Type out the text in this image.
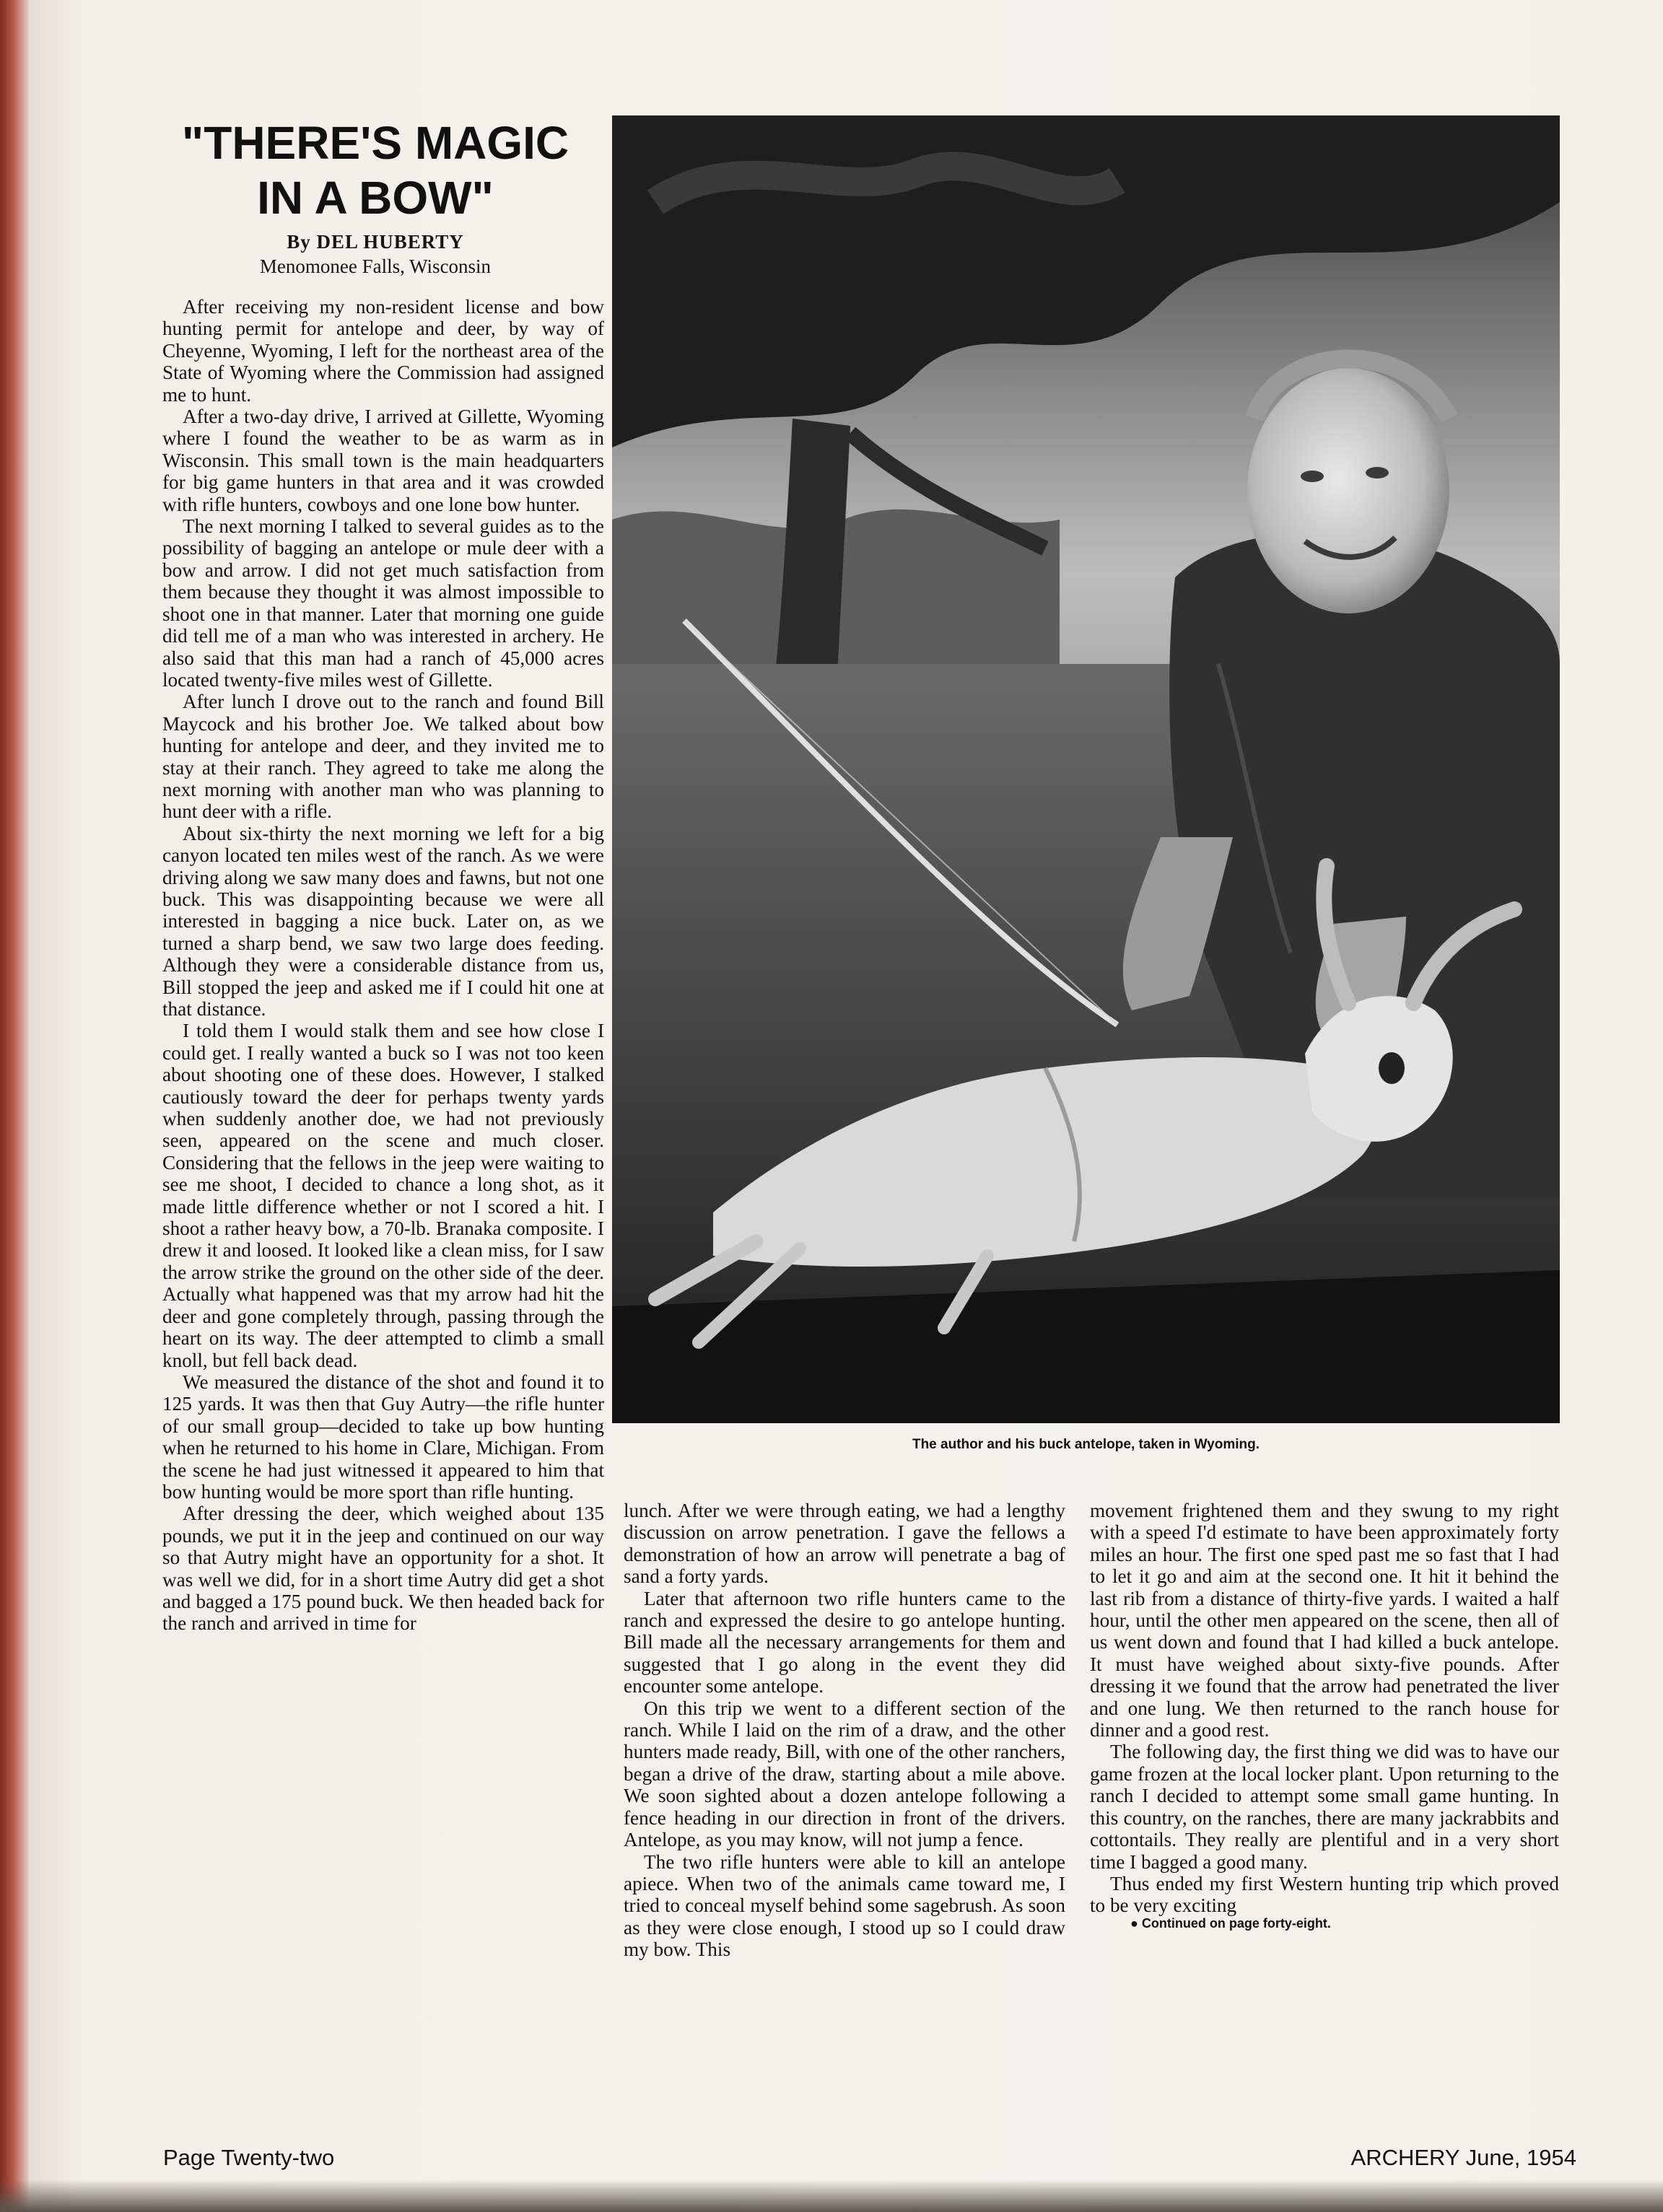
"THERE'S MAGIC
IN A BOW"
By DEL HUBERTY
Menomonee Falls, Wisconsin

After receiving my non-resident license and bow hunting permit for antelope and deer, by way of Cheyenne, Wyoming, I left for the northeast area of the State of Wyoming where the Commission had assigned me to hunt.

After a two-day drive, I arrived at Gillette, Wyoming where I found the weather to be as warm as in Wisconsin. This small town is the main headquarters for big game hunters in that area and it was crowded with rifle hunters, cowboys and one lone bow hunter.

The next morning I talked to several guides as to the possibility of bagging an antelope or mule deer with a bow and arrow. I did not get much satisfaction from them because they thought it was almost impossible to shoot one in that manner. Later that morning one guide did tell me of a man who was interested in archery. He also said that this man had a ranch of 45,000 acres located twenty-five miles west of Gillette.

After lunch I drove out to the ranch and found Bill Maycock and his brother Joe. We talked about bow hunting for antelope and deer, and they invited me to stay at their ranch. They agreed to take me along the next morning with another man who was planning to hunt deer with a rifle.

About six-thirty the next morning we left for a big canyon located ten miles west of the ranch. As we were driving along we saw many does and fawns, but not one buck. This was disappointing because we were all interested in bagging a nice buck. Later on, as we turned a sharp bend, we saw two large does feeding. Although they were a considerable distance from us, Bill stopped the jeep and asked me if I could hit one at that distance.

I told them I would stalk them and see how close I could get. I really wanted a buck so I was not too keen about shooting one of these does. However, I stalked cautiously toward the deer for perhaps twenty yards when suddenly another doe, we had not previously seen, appeared on the scene and much closer. Considering that the fellows in the jeep were waiting to see me shoot, I decided to chance a long shot, as it made little difference whether or not I scored a hit. I shoot a rather heavy bow, a 70-lb. Branaka composite. I drew it and loosed. It looked like a clean miss, for I saw the arrow strike the ground on the other side of the deer. Actually what happened was that my arrow had hit the deer and gone completely through, passing through the heart on its way. The deer attempted to climb a small knoll, but fell back dead.

We measured the distance of the shot and found it to 125 yards. It was then that Guy Autry—the rifle hunter of our small group—decided to take up bow hunting when he returned to his home in Clare, Michigan. From the scene he had just witnessed it appeared to him that bow hunting would be more sport than rifle hunting.

After dressing the deer, which weighed about 135 pounds, we put it in the jeep and continued on our way so that Autry might have an opportunity for a shot. It was well we did, for in a short time Autry did get a shot and bagged a 175 pound buck. We then headed back for the ranch and arrived in time for

The author and his buck antelope, taken in Wyoming.

lunch. After we were through eating, we had a lengthy discussion on arrow penetration. I gave the fellows a demonstration of how an arrow will penetrate a bag of sand a forty yards.

Later that afternoon two rifle hunters came to the ranch and expressed the desire to go antelope hunting. Bill made all the necessary arrangements for them and suggested that I go along in the event they did encounter some antelope.

On this trip we went to a different section of the ranch. While I laid on the rim of a draw, and the other hunters made ready, Bill, with one of the other ranchers, began a drive of the draw, starting about a mile above. We soon sighted about a dozen antelope following a fence heading in our direction in front of the drivers. Antelope, as you may know, will not jump a fence.

The two rifle hunters were able to kill an antelope apiece. When two of the animals came toward me, I tried to conceal myself behind some sagebrush. As soon as they were close enough, I stood up so I could draw my bow. This

movement frightened them and they swung to my right with a speed I'd estimate to have been approximately forty miles an hour. The first one sped past me so fast that I had to let it go and aim at the second one. It hit it behind the last rib from a distance of thirty-five yards. I waited a half hour, until the other men appeared on the scene, then all of us went down and found that I had killed a buck antelope. It must have weighed about sixty-five pounds. After dressing it we found that the arrow had penetrated the liver and one lung. We then returned to the ranch house for dinner and a good rest.

The following day, the first thing we did was to have our game frozen at the local locker plant. Upon returning to the ranch I decided to attempt some small game hunting. In this country, on the ranches, there are many jackrabbits and cottontails. They really are plentiful and in a very short time I bagged a good many.

Thus ended my first Western hunting trip which proved to be very exciting

● Continued on page forty-eight.
Page Twenty-two	ARCHERY June, 1954
